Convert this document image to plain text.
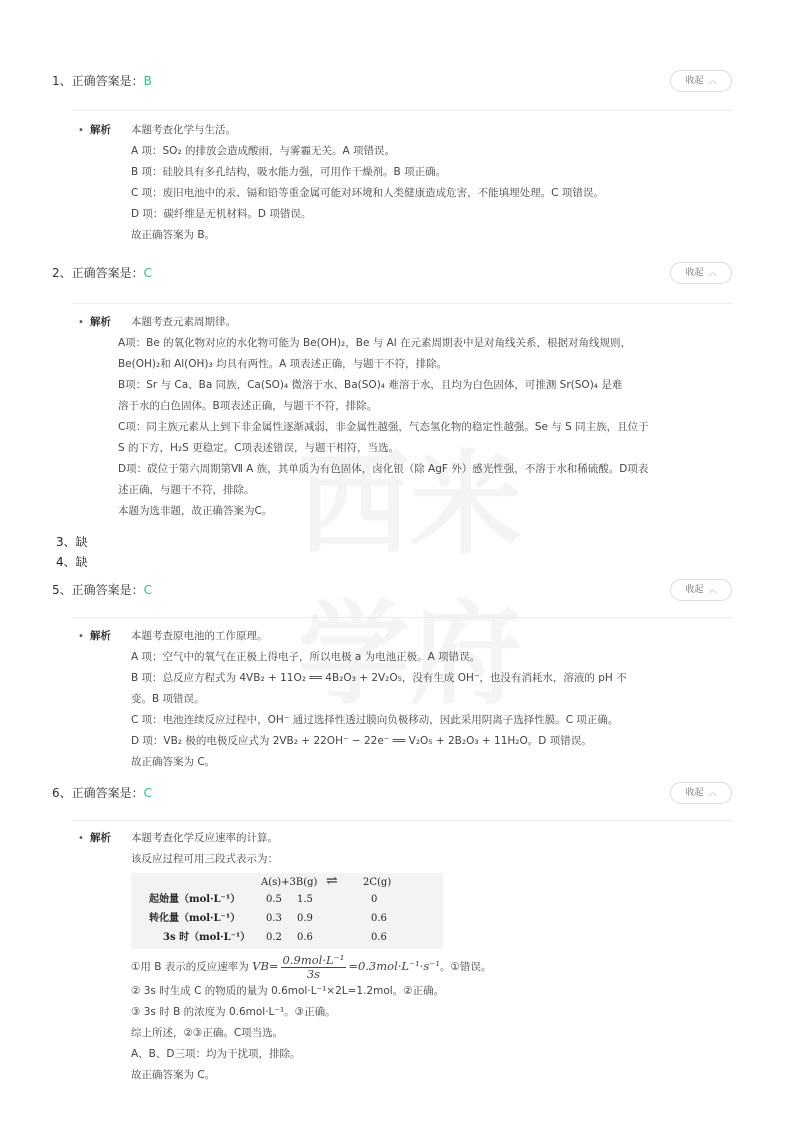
1、正确答案是：B	收起 ︿
• 解析 本题考查化学与生活。

A 项：SO₂ 的排放会造成酸雨，与雾霾无关。A 项错误。

B 项：硅胶具有多孔结构，吸水能力强，可用作干燥剂。B 项正确。

C 项：废旧电池中的汞、镉和铅等重金属可能对环境和人类健康造成危害，不能填埋处理。C 项错误。

D 项：碳纤维是无机材料。D 项错误。

故正确答案为 B。

2、正确答案是：C	收起 ︿
• 解析 本题考查元素周期律。

A项：Be 的氧化物对应的水化物可能为 Be(OH)₂，Be 与 Al 在元素周期表中是对角线关系，根据对角线规则，

Be(OH)₂和 Al(OH)₃ 均具有两性。A 项表述正确，与题干不符，排除。

B项：Sr 与 Ca、Ba 同族，Ca(SO)₄ 微溶于水、Ba(SO)₄ 难溶于水，且均为白色固体，可推测 Sr(SO)₄ 是难

溶于水的白色固体。B项表述正确，与题干不符，排除。

C项：同主族元素从上到下非金属性逐渐减弱，非金属性越强，气态氢化物的稳定性越强。Se 与 S 同主族，且位于

S 的下方，H₂S 更稳定。C项表述错误，与题干相符，当选。

D项：砹位于第六周期第Ⅶ A 族，其单质为有色固体，卤化银（除 AgF 外）感光性强，不溶于水和稀硫酸。D项表

述正确，与题干不符，排除。

本题为选非题，故正确答案为C。

3、缺
4、缺
5、正确答案是：C	收起 ︿
• 解析 本题考查原电池的工作原理。

A 项：空气中的氧气在正极上得电子，所以电极 a 为电池正极。A 项错误。

B 项：总反应方程式为 4VB₂ + 11O₂ ══ 4B₂O₃ + 2V₂O₅，没有生成 OH⁻，也没有消耗水，溶液的 pH 不

变。B 项错误。

C 项：电池连续反应过程中，OH⁻ 通过选择性透过膜向负极移动，因此采用阴离子选择性膜。C 项正确。

D 项：VB₂ 极的电极反应式为 2VB₂ + 22OH⁻ − 22e⁻ ══ V₂O₅ + 2B₂O₃ + 11H₂O。D 项错误。

故正确答案为 C。

6、正确答案是：C	收起 ︿
• 解析 本题考查化学反应速率的计算。

该反应过程可用三段式表示为：

A(s)+3B(g) ⇌	2C(g)
起始量（mol·L⁻¹）	0.5 1.5	0
转化量（mol·L⁻¹）	0.3 0.9	0.6
3s 时（mol·L⁻¹） 0.2 0.6	0.6

①用 B 表示的反应速率为 $VB= \frac{\text{0.9mol·L⁻¹}}{3s} =0.3mol\cdot L^{-1}\cdot s^{-1}$。①错误。

② 3s 时生成 C 的物质的量为 0.6mol·L⁻¹×2L=1.2mol。②正确。

③ 3s 时 B 的浓度为 0.6mol·L⁻¹。③正确。

综上所述，②③正确。C项当选。

A、B、D三项：均为干扰项，排除。

故正确答案为 C。
